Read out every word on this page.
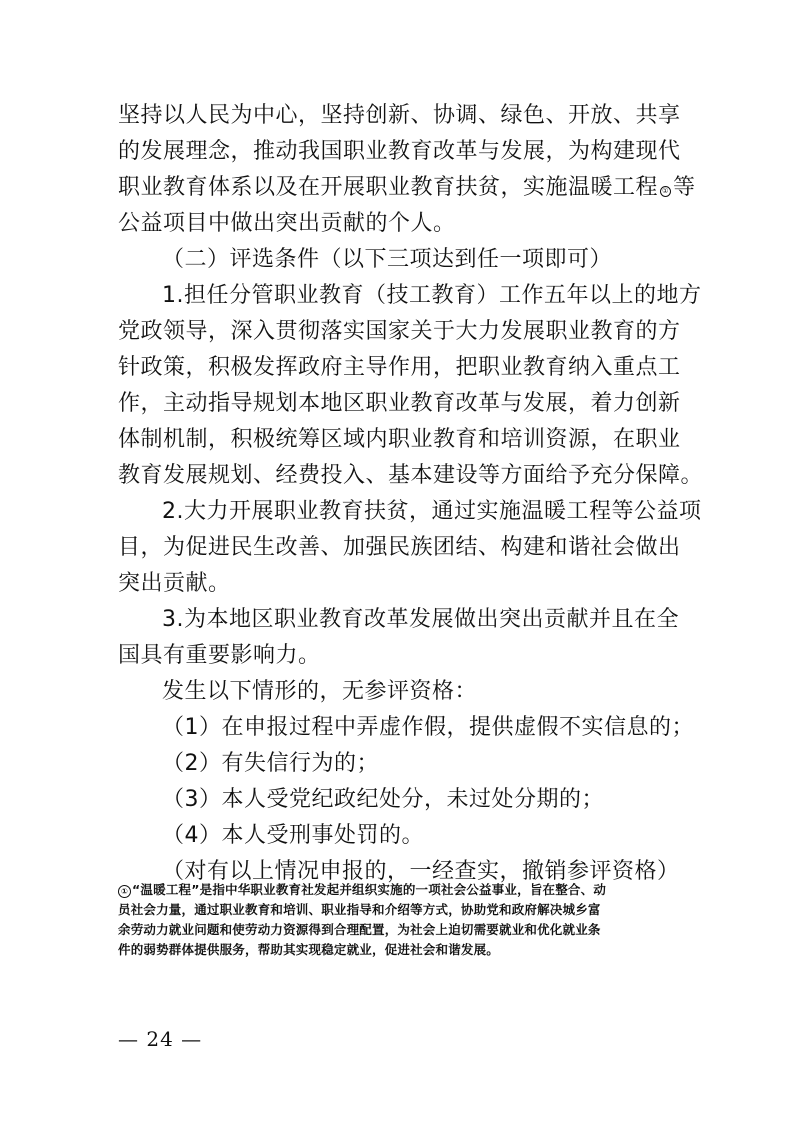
坚持以人民为中心，坚持创新、协调、绿色、开放、共享
的发展理念，推动我国职业教育改革与发展，为构建现代
职业教育体系以及在开展职业教育扶贫，实施温暖工程 ① 等
公益项目中做出突出贡献的个人。
（二）评选条件（以下三项达到任一项即可）
1.担任分管职业教育（技工教育）工作五年以上的地方
党政领导，深入贯彻落实国家关于大力发展职业教育的方
针政策，积极发挥政府主导作用，把职业教育纳入重点工
作，主动指导规划本地区职业教育改革与发展，着力创新
体制机制，积极统筹区域内职业教育和培训资源，在职业
教育发展规划、经费投入、基本建设等方面给予充分保障。
2.大力开展职业教育扶贫，通过实施温暖工程等公益项
目，为促进民生改善、加强民族团结、构建和谐社会做出
突出贡献。
3.为本地区职业教育改革发展做出突出贡献并且在全
国具有重要影响力。
发生以下情形的，无参评资格：
（1）在申报过程中弄虚作假，提供虚假不实信息的；
（2）有失信行为的；
（3）本人受党纪政纪处分，未过处分期的；
（4）本人受刑事处罚的。
（对有以上情况申报的，一经查实，撤销参评资格）
① “温暖工程”是指中华职业教育社发起并组织实施的一项社会公益事业，旨在整合、动
员社会力量，通过职业教育和培训、职业指导和介绍等方式，协助党和政府解决城乡富
余劳动力就业问题和使劳动力资源得到合理配置，为社会上迫切需要就业和优化就业条
件的弱势群体提供服务，帮助其实现稳定就业，促进社会和谐发展。
— 24 —
